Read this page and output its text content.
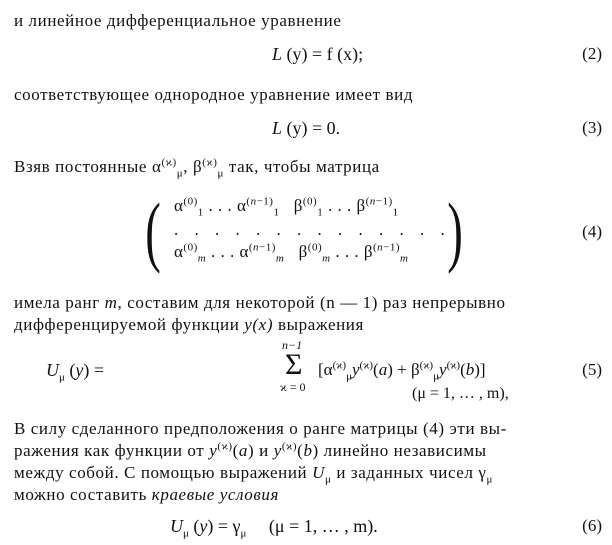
и линейное дифференциальное уравнение
L (y) = f (x);	(2)
соответствующее однородное уравнение имеет вид
L (y) = 0.	(3)
Взяв постоянные $\alpha^{(ϰ)}_\mu$, $\beta^{(ϰ)}_\mu$ так, чтобы матрица
(	)
$\alpha^{(0)}_1$ . . . $\alpha^{(n-1)}_1$   $\beta^{(0)}_1$ . . . $\beta^{(n-1)}_1$
. . . . . . . . . . . . . .
$\alpha^{(0)}_m$ . . . $\alpha^{(n-1)}_m$   $\beta^{(0)}_m$ . . . $\beta^{(n-1)}_m$
(4)
имела ранг m, составим для некоторой (n — 1) раз непрерывно
дифференцируемой функции y(x) выражения
$U_\mu$ (y) =
n−1
Σ
ϰ = 0
$[\alpha^{(ϰ)}_\mu y^{(ϰ)}(a) + \beta^{(ϰ)}_\mu y^{(ϰ)}(b)]$	(5)
(μ = 1, … , m),
В силу сделанного предположения о ранге матрицы (4) эти вы-
ражения как функции от $y^{(ϰ)}(a)$ и $y^{(ϰ)}(b)$ линейно независимы
между собой. С помощью выражений $U_\mu$ и заданных чисел $\gamma_\mu$
можно составить краевые условия
$U_\mu$ $(y) = \gamma_\mu$ (μ = 1, … , m).	(6)
